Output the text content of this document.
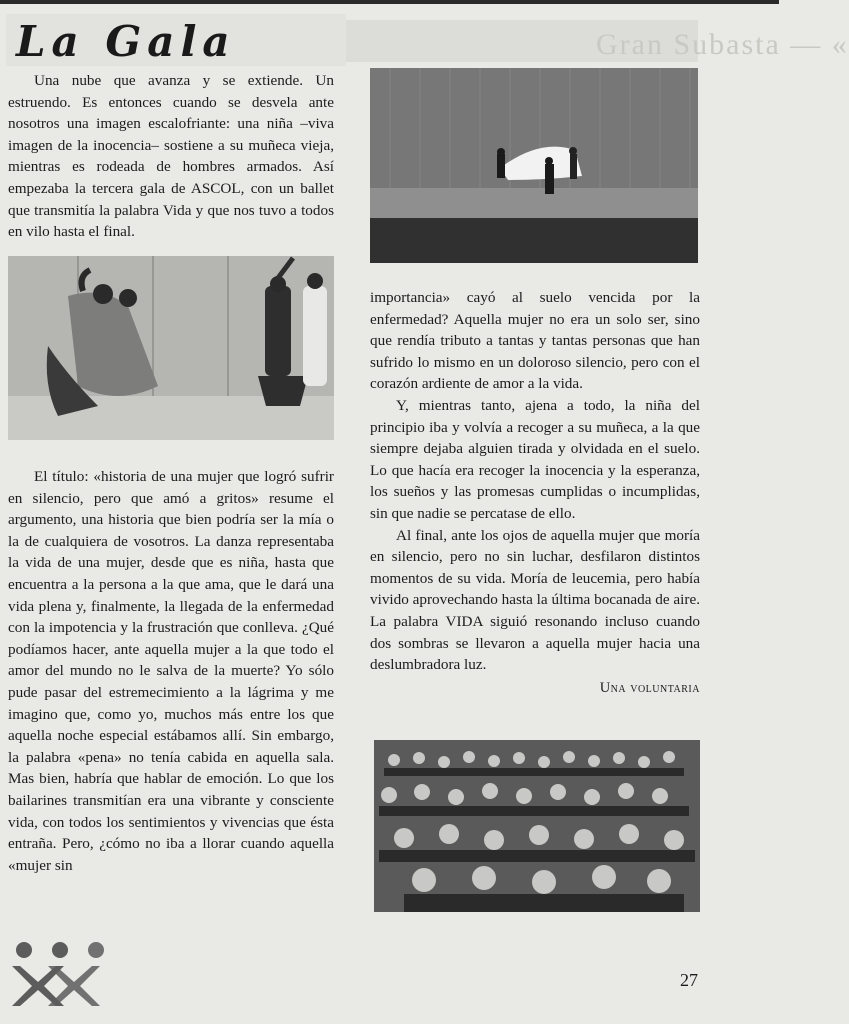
Gran Subasta — «
La Gala

Una nube que avanza y se extiende. Un estruendo. Es entonces cuando se desvela ante nosotros una imagen escalofriante: una niña –viva imagen de la inocencia– sostiene a su muñeca vieja, mientras es rodeada de hombres armados. Así empezaba la tercera gala de ASCOL, con un ballet que transmitía la palabra Vida y que nos tuvo a todos en vilo hasta el final.

El título: «historia de una mujer que logró sufrir en silencio, pero que amó a gritos» resume el argumento, una historia que bien podría ser la mía o la de cualquiera de vosotros. La danza representaba la vida de una mujer, desde que es niña, hasta que encuentra a la persona a la que ama, que le dará una vida plena y, finalmente, la llegada de la enfermedad con la impotencia y la frustración que conlleva. ¿Qué podíamos hacer, ante aquella mujer a la que todo el amor del mundo no le salva de la muerte? Yo sólo pude pasar del estremecimiento a la lágrima y me imagino que, como yo, muchos más entre los que aquella noche especial estábamos allí. Sin embargo, la palabra «pena» no tenía cabida en aquella sala. Mas bien, habría que hablar de emoción. Lo que los bailarines transmitían era una vibrante y consciente vida, con todos los sentimientos y vivencias que ésta entraña. Pero, ¿cómo no iba a llorar cuando aquella «mujer sin

importancia» cayó al suelo vencida por la enfermedad? Aquella mujer no era un solo ser, sino que rendía tributo a tantas y tantas personas que han sufrido lo mismo en un doloroso silencio, pero con el corazón ardiente de amor a la vida.

Y, mientras tanto, ajena a todo, la niña del principio iba y volvía a recoger a su muñeca, a la que siempre dejaba alguien tirada y olvidada en el suelo. Lo que hacía era recoger la inocencia y la esperanza, los sueños y las promesas cumplidas o incumplidas, sin que nadie se percatase de ello.

Al final, ante los ojos de aquella mujer que moría en silencio, pero no sin luchar, desfilaron distintos momentos de su vida. Moría de leucemia, pero había vivido aprovechando hasta la última bocanada de aire. La palabra VIDA siguió resonando incluso cuando dos sombras se llevaron a aquella mujer hacia una deslumbradora luz.

Una voluntaria
27
